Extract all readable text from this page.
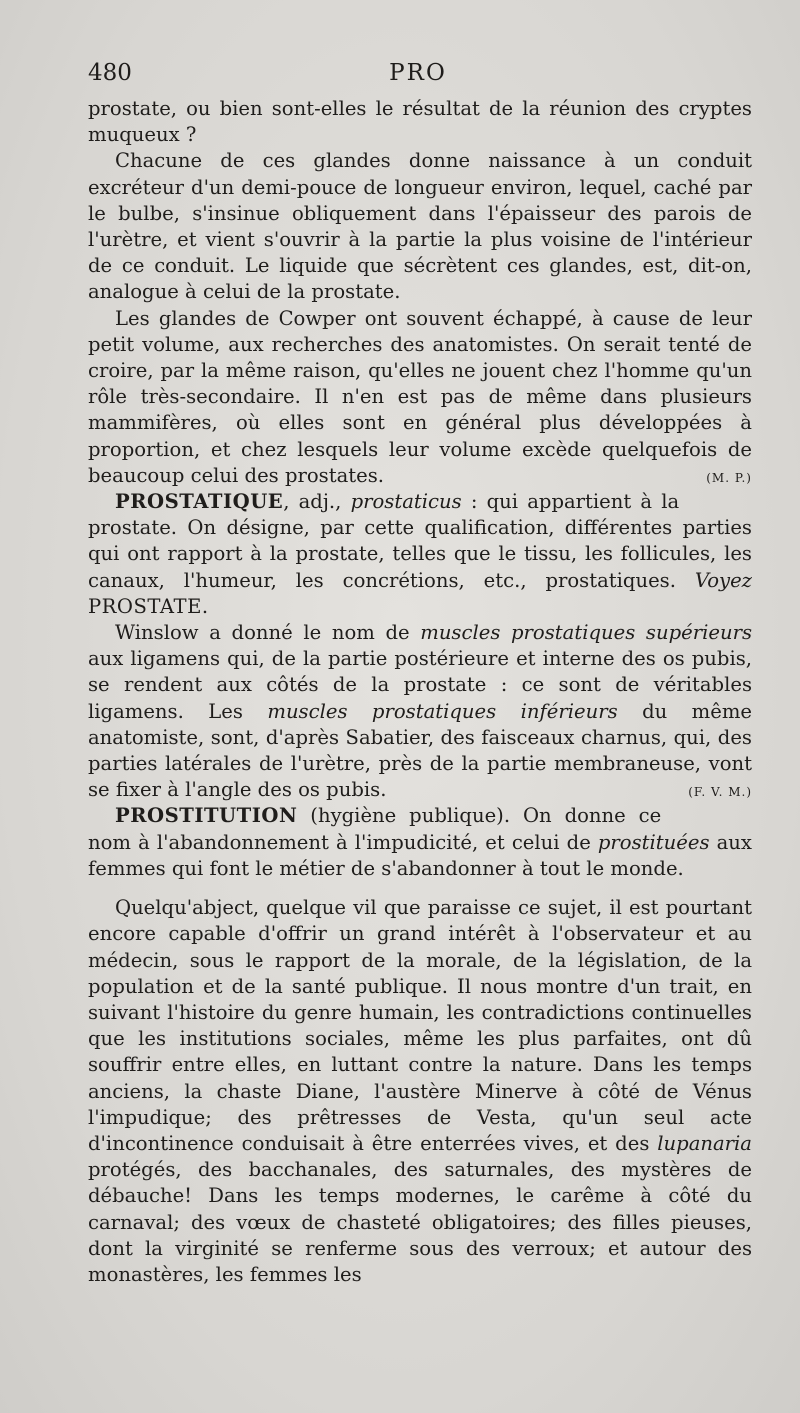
480	PRO

prostate, ou bien sont-elles le résultat de la réunion des cryptes muqueux ?

Chacune de ces glandes donne naissance à un conduit excréteur d'un demi-pouce de longueur environ, lequel, caché par le bulbe, s'insinue obliquement dans l'épaisseur des parois de l'urètre, et vient s'ouvrir à la partie la plus voisine de l'intérieur de ce conduit. Le liquide que sécrètent ces glandes, est, dit-on, analogue à celui de la prostate.

Les glandes de Cowper ont souvent échappé, à cause de leur petit volume, aux recherches des anatomistes. On serait tenté de croire, par la même raison, qu'elles ne jouent chez l'homme qu'un rôle très-secondaire. Il n'en est pas de même dans plusieurs mammifères, où elles sont en général plus développées à proportion, et chez lesquels leur volume excède quelquefois de beaucoup celui des prostates.	(M. P.)

PROSTATIQUE, adj., prostaticus : qui appartient à la prostate. On désigne, par cette qualification, différentes parties qui ont rapport à la prostate, telles que le tissu, les follicules, les canaux, l'humeur, les concrétions, etc., prostatiques. Voyez PROSTATE.

Winslow a donné le nom de muscles prostatiques supérieurs aux ligamens qui, de la partie postérieure et interne des os pubis, se rendent aux côtés de la prostate : ce sont de véritables ligamens. Les muscles prostatiques inférieurs du même anatomiste, sont, d'après Sabatier, des faisceaux charnus, qui, des parties latérales de l'urètre, près de la partie membraneuse, vont se fixer à l'angle des os pubis.	(F. V. M.)

PROSTITUTION (hygiène publique). On donne ce nom à l'abandonnement à l'impudicité, et celui de prostituées aux femmes qui font le métier de s'abandonner à tout le monde.

Quelqu'abject, quelque vil que paraisse ce sujet, il est pourtant encore capable d'offrir un grand intérêt à l'observateur et au médecin, sous le rapport de la morale, de la législation, de la population et de la santé publique. Il nous montre d'un trait, en suivant l'histoire du genre humain, les contradictions continuelles que les institutions sociales, même les plus parfaites, ont dû souffrir entre elles, en luttant contre la nature. Dans les temps anciens, la chaste Diane, l'austère Minerve à côté de Vénus l'impudique; des prêtresses de Vesta, qu'un seul acte d'incontinence conduisait à être enterrées vives, et des lupanaria protégés, des bacchanales, des saturnales, des mystères de débauche! Dans les temps modernes, le carême à côté du carnaval; des vœux de chasteté obligatoires; des filles pieuses, dont la virginité se renferme sous des verroux; et autour des monastères, les femmes les
